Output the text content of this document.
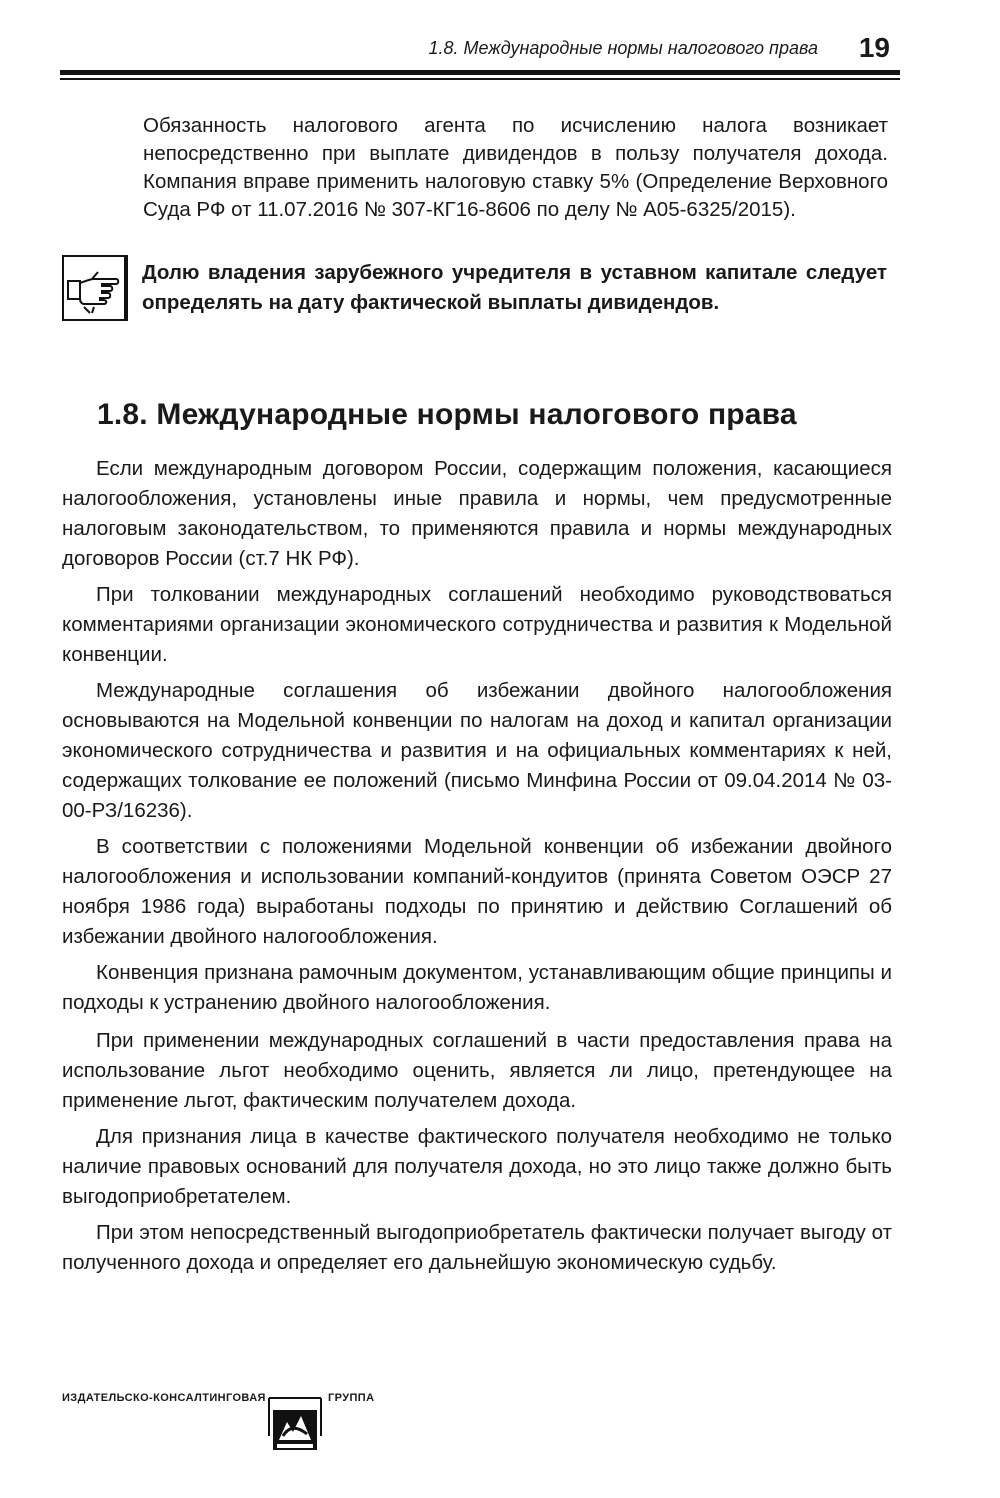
1.8. Международные нормы налогового права 19
Обязанность налогового агента по исчислению налога возникает непосредственно при выплате дивидендов в пользу получателя дохода. Компания вправе применить налоговую ставку 5% (Определение Верховного Суда РФ от 11.07.2016 № 307-КГ16-8606 по делу № А05-6325/2015).
Долю владения зарубежного учредителя в уставном капитале следует определять на дату фактической выплаты дивидендов.
1.8. Международные нормы налогового права

Если международным договором России, содержащим положения, касающиеся налогообложения, установлены иные правила и нормы, чем предусмотренные налоговым законодательством, то применяются правила и нормы международных договоров России (ст.7 НК РФ).

При толковании международных соглашений необходимо руководствоваться комментариями организации экономического сотрудничества и развития к Модельной конвенции.

Международные соглашения об избежании двойного налогообложения основываются на Модельной конвенции по налогам на доход и капитал организации экономического сотрудничества и развития и на официальных комментариях к ней, содержащих толкование ее положений (письмо Минфина России от 09.04.2014 № 03-00-РЗ/16236).

В соответствии с положениями Модельной конвенции об избежании двойного налогообложения и использовании компаний-кондуитов (принята Советом ОЭСР 27 ноября 1986 года) выработаны подходы по принятию и действию Соглашений об избежании двойного налогообложения.

Конвенция признана рамочным документом, устанавливающим общие принципы и подходы к устранению двойного налогообложения.

При применении международных соглашений в части предоставления права на использование льгот необходимо оценить, является ли лицо, претендующее на применение льгот, фактическим получателем дохода.

Для признания лица в качестве фактического получателя необходимо не только наличие правовых оснований для получателя дохода, но это лицо также должно быть выгодоприобретателем.

При этом непосредственный выгодоприобретатель фактически получает выгоду от полученного дохода и определяет его дальнейшую экономическую судьбу.

ИЗДАТЕЛЬСКО-КОНСАЛТИНГОВАЯ	ГРУППА
